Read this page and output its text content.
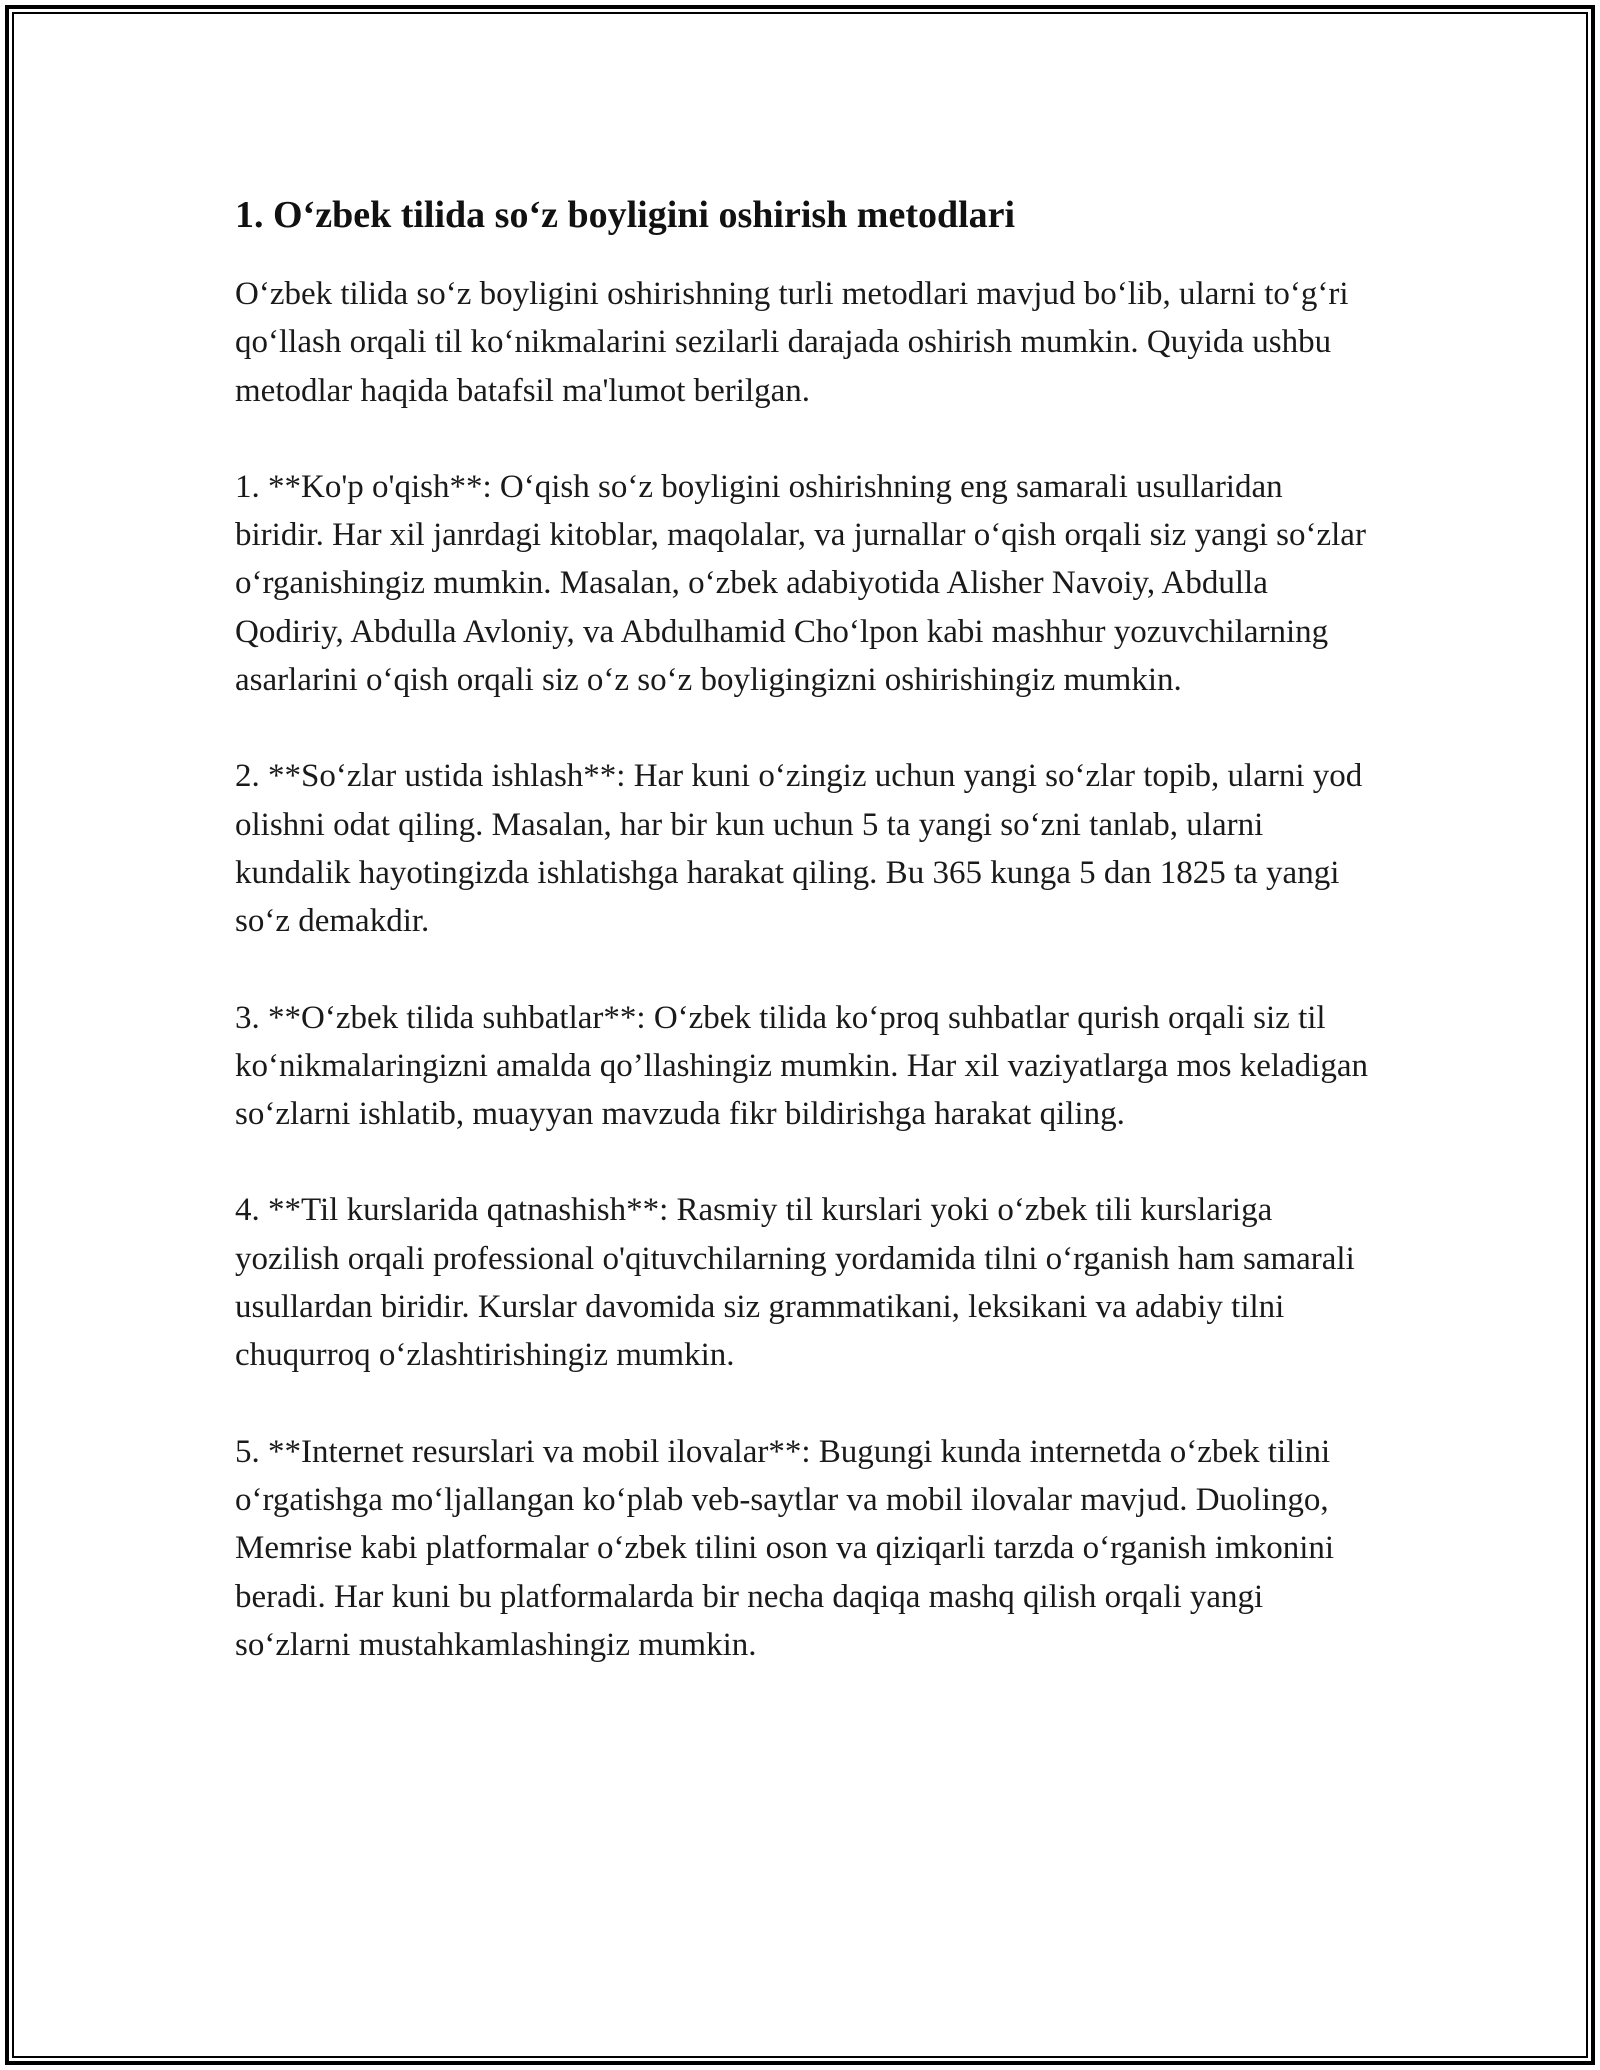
1. O‘zbek tilida so‘z boyligini oshirish metodlari

O‘zbek tilida so‘z boyligini oshirishning turli metodlari mavjud bo‘lib, ularni to‘g‘ri qo‘llash orqali til ko‘nikmalarini sezilarli darajada oshirish mumkin. Quyida ushbu metodlar haqida batafsil ma'lumot berilgan.

1. **Ko'p o'qish**: O‘qish so‘z boyligini oshirishning eng samarali usullaridan biridir. Har xil janrdagi kitoblar, maqolalar, va jurnallar o‘qish orqali siz yangi so‘zlar o‘rganishingiz mumkin. Masalan, o‘zbek adabiyotida Alisher Navoiy, Abdulla Qodiriy, Abdulla Avloniy, va Abdulhamid Cho‘lpon kabi mashhur yozuvchilarning asarlarini o‘qish orqali siz o‘z so‘z boyligingizni oshirishingiz mumkin.

2. **So‘zlar ustida ishlash**: Har kuni o‘zingiz uchun yangi so‘zlar topib, ularni yod olishni odat qiling. Masalan, har bir kun uchun 5 ta yangi so‘zni tanlab, ularni kundalik hayotingizda ishlatishga harakat qiling. Bu 365 kunga 5 dan 1825 ta yangi so‘z demakdir.

3. **O‘zbek tilida suhbatlar**: O‘zbek tilida ko‘proq suhbatlar qurish orqali siz til ko‘nikmalaringizni amalda qo’llashingiz mumkin. Har xil vaziyatlarga mos keladigan so‘zlarni ishlatib, muayyan mavzuda fikr bildirishga harakat qiling.

4. **Til kurslarida qatnashish**: Rasmiy til kurslari yoki o‘zbek tili kurslariga yozilish orqali professional o'qituvchilarning yordamida tilni o‘rganish ham samarali usullardan biridir. Kurslar davomida siz grammatikani, leksikani va adabiy tilni chuqurroq o‘zlashtirishingiz mumkin.

5. **Internet resurslari va mobil ilovalar**: Bugungi kunda internetda o‘zbek tilini o‘rgatishga mo‘ljallangan ko‘plab veb-saytlar va mobil ilovalar mavjud. Duolingo, Memrise kabi platformalar o‘zbek tilini oson va qiziqarli tarzda o‘rganish imkonini beradi. Har kuni bu platformalarda bir necha daqiqa mashq qilish orqali yangi so‘zlarni mustahkamlashingiz mumkin.
